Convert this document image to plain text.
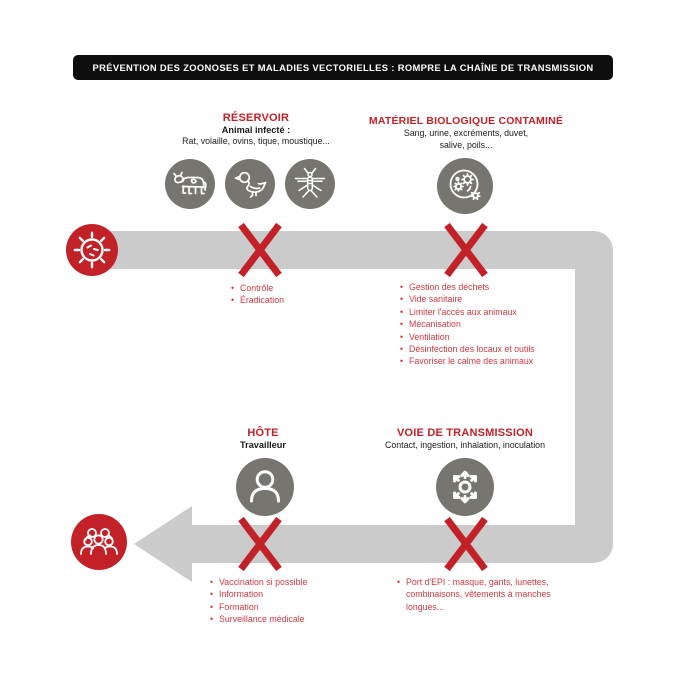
PRÉVENTION DES ZOONOSES ET MALADIES VECTORIELLES : ROMPRE LA CHAÎNE DE TRANSMISSION
RÉSERVOIR
Animal infecté :
Rat, volaille, ovins, tique, moustique...
MATÉRIEL BIOLOGIQUE CONTAMINÉ
Sang, urine, excréments, duvet, salive, poils...
• Contrôle
• Éradication
• Gestion des déchets
• Vide sanitaire
• Limiter l'accès aux animaux
• Mécanisation
• Ventilation
• Désinfection des locaux et outils
• Favoriser le calme des animaux
HÔTE
Travailleur
VOIE DE TRANSMISSION
Contact, ingestion, inhalation, inoculation
• Vaccination si possible
• Information
• Formation
• Surveillance médicale
• Port d'EPI : masque, gants, lunettes, combinaisons, vêtements à manches longues...
